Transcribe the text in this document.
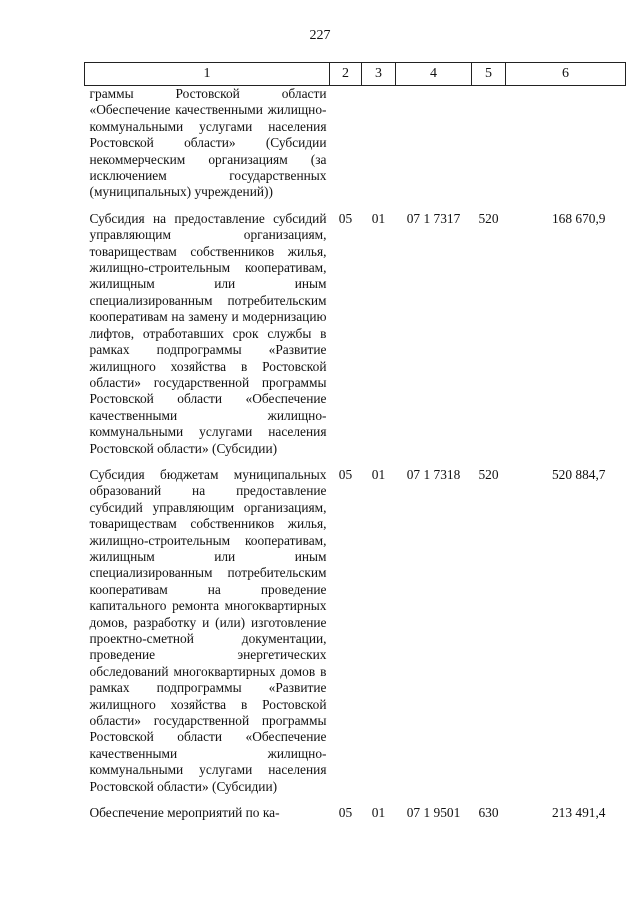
227
1	2	3	4	5	6
граммы Ростовской области «Обеспечение качественными жилищно-коммунальными услугами населения Ростовской области» (Субсидии некоммерческим организациям (за исключением государственных (муниципальных) учреждений))					

Субсидия на предоставление субсидий управляющим организациям, товариществам собственников жилья, жилищно-строительным кооперативам, жилищным или иным специализированным потребительским кооперативам на замену и модернизацию лифтов, отработавших срок службы в рамках подпрограммы «Развитие жилищного хозяйства в Ростовской области» государственной программы Ростовской области «Обеспечение качественными жилищно-коммунальными услугами населения Ростовской области» (Субсидии)	05	01	07 1 7317	520	168 670,9

Субсидия бюджетам муниципальных образований на предоставление субсидий управляющим организациям, товариществам собственников жилья, жилищно-строительным кооперативам, жилищным или иным специализированным потребительским кооперативам на проведение капитального ремонта многоквартирных домов, разработку и (или) изготовление проектно-сметной документации, проведение энергетических обследований многоквартирных домов в рамках подпрограммы «Развитие жилищного хозяйства в Ростовской области» государственной программы Ростовской области «Обеспечение качественными жилищно-коммунальными услугами населения Ростовской области» (Субсидии)	05	01	07 1 7318	520	520 884,7

Обеспечение мероприятий по ка-	05	01	07 1 9501	630	213 491,4
